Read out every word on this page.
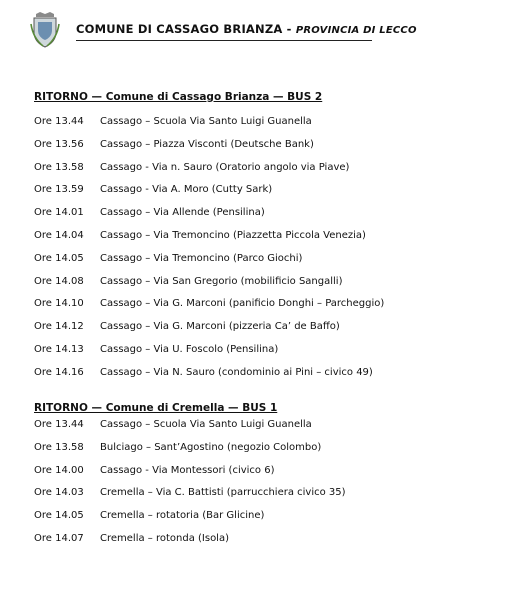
COMUNE DI CASSAGO BRIANZA - PROVINCIA DI LECCO
RITORNO — Comune di Cassago Brianza — BUS 2
Ore 13.44 Cassago – Scuola Via Santo Luigi Guanella
Ore 13.56 Cassago – Piazza Visconti (Deutsche Bank)
Ore 13.58 Cassago - Via n. Sauro (Oratorio angolo via Piave)
Ore 13.59 Cassago - Via A. Moro (Cutty Sark)
Ore 14.01 Cassago – Via Allende (Pensilina)
Ore 14.04 Cassago – Via Tremoncino (Piazzetta Piccola Venezia)
Ore 14.05 Cassago – Via Tremoncino (Parco Giochi)
Ore 14.08 Cassago – Via San Gregorio (mobilificio Sangalli)
Ore 14.10 Cassago – Via G. Marconi (panificio Donghi – Parcheggio)
Ore 14.12 Cassago – Via G. Marconi (pizzeria Ca’ de Baffo)
Ore 14.13 Cassago – Via U. Foscolo (Pensilina)
Ore 14.16 Cassago – Via N. Sauro (condominio ai Pini – civico 49)
RITORNO — Comune di Cremella — BUS 1
Ore 13.44 Cassago – Scuola Via Santo Luigi Guanella
Ore 13.58 Bulciago – Sant’Agostino (negozio Colombo)
Ore 14.00 Cassago - Via Montessori (civico 6)
Ore 14.03 Cremella – Via C. Battisti (parrucchiera civico 35)
Ore 14.05 Cremella – rotatoria (Bar Glicine)
Ore 14.07 Cremella – rotonda (Isola)
